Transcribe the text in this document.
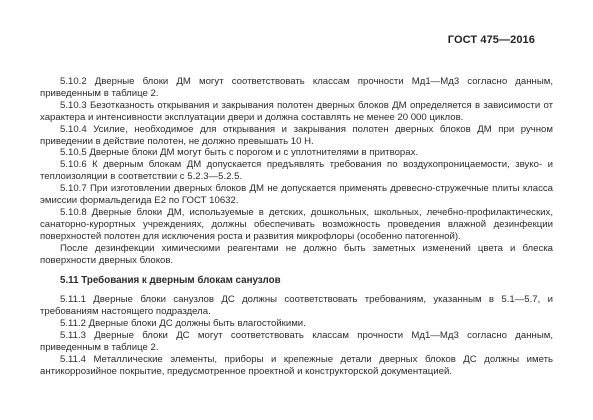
ГОСТ 475—2016

5.10.2 Дверные блоки ДМ могут соответствовать классам прочности Мд1—Мд3 согласно данным, приведенным в таблице 2.

5.10.3 Безотказность открывания и закрывания полотен дверных блоков ДМ определяется в зависимости от характера и интенсивности эксплуатации двери и должна составлять не менее 20 000 циклов.

5.10.4 Усилие, необходимое для открывания и закрывания полотен дверных блоков ДМ при ручном приведении в действие полотен, не должно превышать 10 Н.

5.10.5 Дверные блоки ДМ могут быть с порогом и с уплотнителями в притворах.

5.10.6 К дверным блокам ДМ допускается предъявлять требования по воздухопроницаемости, звуко- и теплоизоляции в соответствии с 5.2.3—5.2.5.

5.10.7 При изготовлении дверных блоков ДМ не допускается применять древесно-стружечные плиты класса эмиссии формальдегида Е2 по ГОСТ 10632.

5.10.8 Дверные блоки ДМ, используемые в детских, дошкольных, школьных, лечебно-профилактических, санаторно-курортных учреждениях, должны обеспечивать возможность проведения влажной дезинфекции поверхностей полотен для исключения роста и развития микрофлоры (особенно патогенной).

После дезинфекции химическими реагентами не должно быть заметных изменений цвета и блеска поверхности дверных блоков.

5.11 Требования к дверным блокам санузлов

5.11.1 Дверные блоки санузлов ДС должны соответствовать требованиям, указанным в 5.1—5.7, и требованиям настоящего подраздела.

5.11.2 Дверные блоки ДС должны быть влагостойкими.

5.11.3 Дверные блоки ДС могут соответствовать классам прочности Мд1—Мд3 согласно данным, приведенным в таблице 2.

5.11.4 Металлические элементы, приборы и крепежные детали дверных блоков ДС должны иметь антикоррозийное покрытие, предусмотренное проектной и конструкторской документацией.
